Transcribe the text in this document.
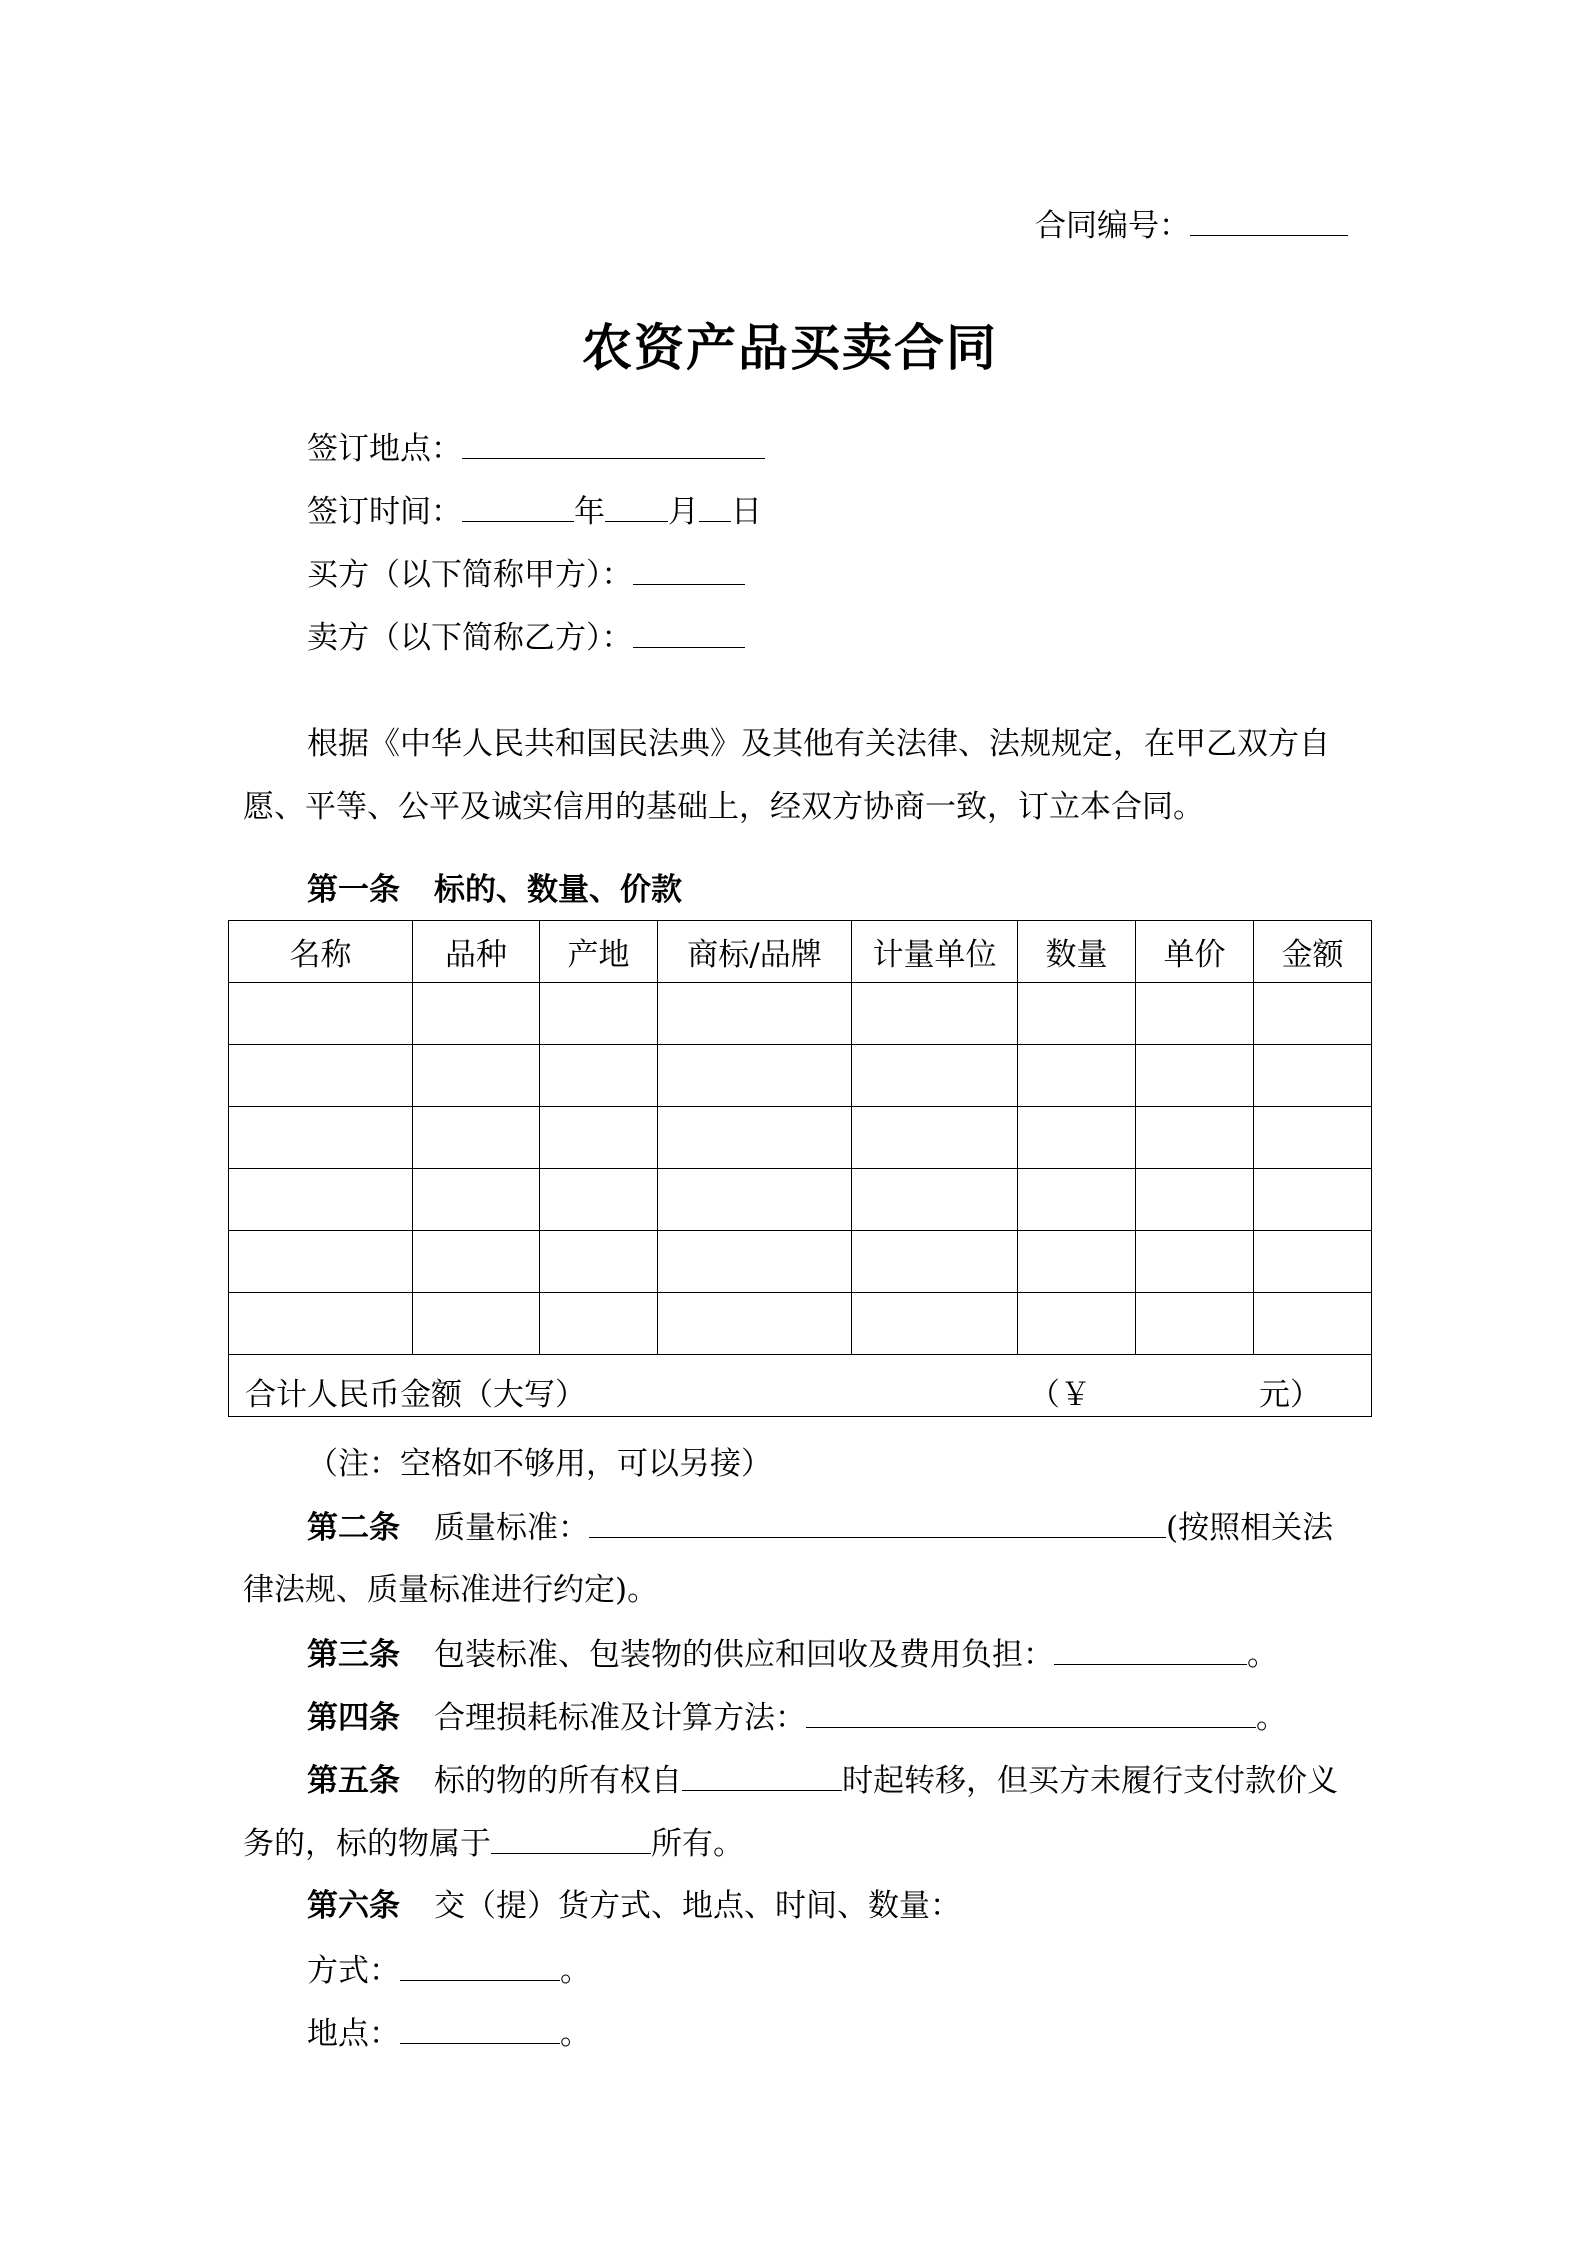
合同编号：
农资产品买卖合同
签订地点：
签订时间：	年 月 日
买方（以下简称甲方）：
卖方（以下简称乙方）：
根据《中华人民共和国民法典》及其他有关法律、法规规定，在甲乙双方自
愿、平等、公平及诚实信用的基础上，经双方协商一致，订立本合同。
第一条 标的、数量、价款
名称	品种	产地	商标/品牌	计量单位	数量	单价	金额

合计人民币金额（大写） （￥ 元）							
（注：空格如不够用，可以另接）
第二条 质量标准：	(按照相关法
律法规、质量标准进行约定)。
第三条 包装标准、包装物的供应和回收及费用负担：	。
第四条 合理损耗标准及计算方法：	。
第五条 标的物的所有权自	时起转移，但买方未履行支付款价义
务的，标的物属于	所有。
第六条 交（提）货方式、地点、时间、数量：
方式：	。
地点：	。
